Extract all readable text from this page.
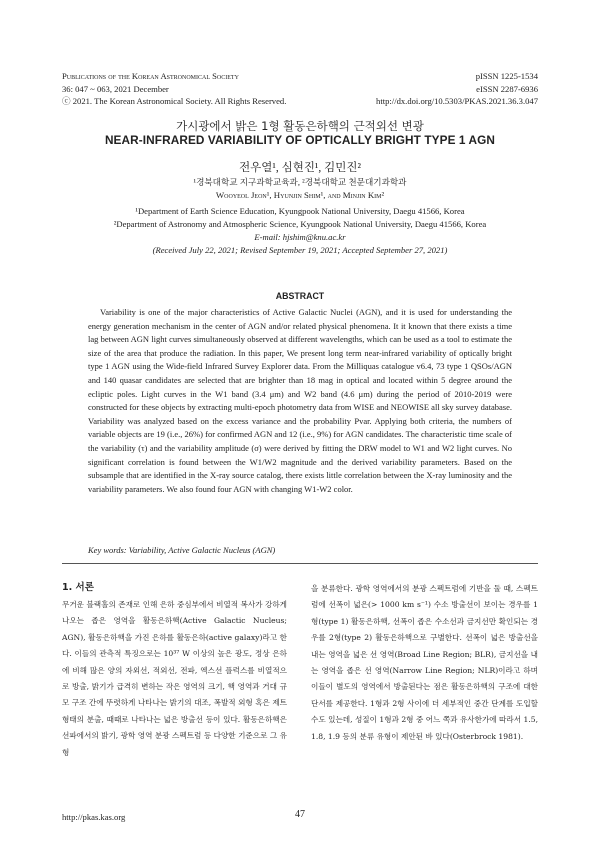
Publications of the Korean Astronomical Society
36: 047 ~ 063, 2021 December
ⓒ 2021. The Korean Astronomical Society. All Rights Reserved.
pISSN 1225-1534
eISSN 2287-6936
http://dx.doi.org/10.5303/PKAS.2021.36.3.047
가시광에서 밝은 1형 활동은하핵의 근적외선 변광
NEAR-INFRARED VARIABILITY OF OPTICALLY BRIGHT TYPE 1 AGN
전우열¹, 심현진¹, 김민진²
¹경북대학교 지구과학교육과, ²경북대학교 천문대기과학과
Wooyeol Jeon¹, Hyunjin Shim¹, and Minjin Kim²
¹Department of Earth Science Education, Kyungpook National University, Daegu 41566, Korea
²Department of Astronomy and Atmospheric Science, Kyungpook National University, Daegu 41566, Korea
E-mail: hjshim@knu.ac.kr
(Received July 22, 2021; Revised September 19, 2021; Accepted September 27, 2021)
ABSTRACT
Variability is one of the major characteristics of Active Galactic Nuclei (AGN), and it is used for understanding the energy generation mechanism in the center of AGN and/or related physical phenomena. It it known that there exists a time lag between AGN light curves simultaneously observed at different wavelengths, which can be used as a tool to estimate the size of the area that produce the radiation. In this paper, We present long term near-infrared variability of optically bright type 1 AGN using the Wide-field Infrared Survey Explorer data. From the Milliquas catalogue v6.4, 73 type 1 QSOs/AGN and 140 quasar candidates are selected that are brighter than 18 mag in optical and located within 5 degree around the ecliptic poles. Light curves in the W1 band (3.4 μm) and W2 band (4.6 μm) during the period of 2010-2019 were constructed for these objects by extracting multi-epoch photometry data from WISE and NEOWISE all sky survey database. Variability was analyzed based on the excess variance and the probability Pvar. Applying both criteria, the numbers of variable objects are 19 (i.e., 26%) for confirmed AGN and 12 (i.e., 9%) for AGN candidates. The characteristic time scale of the variability (τ) and the variability amplitude (σ) were derived by fitting the DRW model to W1 and W2 light curves. No significant correlation is found between the W1/W2 magnitude and the derived variability parameters. Based on the subsample that are identified in the X-ray source catalog, there exists little correlation between the X-ray luminosity and the variability parameters. We also found four AGN with changing W1-W2 color.
Key words: Variability, Active Galactic Nucleus (AGN)
1. 서론
무거운 블랙홀의 존재로 인해 은하 중심부에서 비열적 복사가 강하게 나오는 좁은 영역을 활동은하핵(Active Galactic Nucleus; AGN), 활동은하핵을 가진 은하를 활동은하(active galaxy)라고 한다. 이들의 관측적 특징으로는 10³⁷ W 이상의 높은 광도, 정상 은하에 비해 많은 양의 자외선, 적외선, 전파, 엑스선 플럭스를 비열적으로 방출, 밝기가 급격히 변하는 작은 영역의 크기, 핵 영역과 거대 규모 구조 간에 뚜렷하게 나타나는 밝기의 대조, 폭발적 외형 혹은 제트 형태의 분출, 때때로 나타나는 넓은 방출선 등이 있다. 활동은하핵은 선파에서의 밝기, 광학 영역 분광 스펙트럼 등 다양한 기준으로 그 유형
을 분류한다. 광학 영역에서의 분광 스펙트럼에 기반을 둘 때, 스펙트럼에 선폭이 넓은(> 1000 km s⁻¹) 수소 방출선이 보이는 경우를 1형(type 1) 활동은하핵, 선폭이 좁은 수소선과 금지선만 확인되는 경우를 2형(type 2) 활동은하핵으로 구별한다. 선폭이 넓은 방출선을 내는 영역을 넓은 선 영역(Broad Line Region; BLR), 금지선을 내는 영역을 좁은 선 영역(Narrow Line Region; NLR)이라고 하며 이들이 별도의 영역에서 방출된다는 점은 활동은하핵의 구조에 대한 단서를 제공한다. 1형과 2형 사이에 더 세부적인 중간 단계를 도입할 수도 있는데, 성질이 1형과 2형 중 어느 쪽과 유사한가에 따라서 1.5, 1.8, 1.9 등의 분류 유형이 제안된 바 있다(Osterbrock 1981).
http://pkas.kas.org	47
